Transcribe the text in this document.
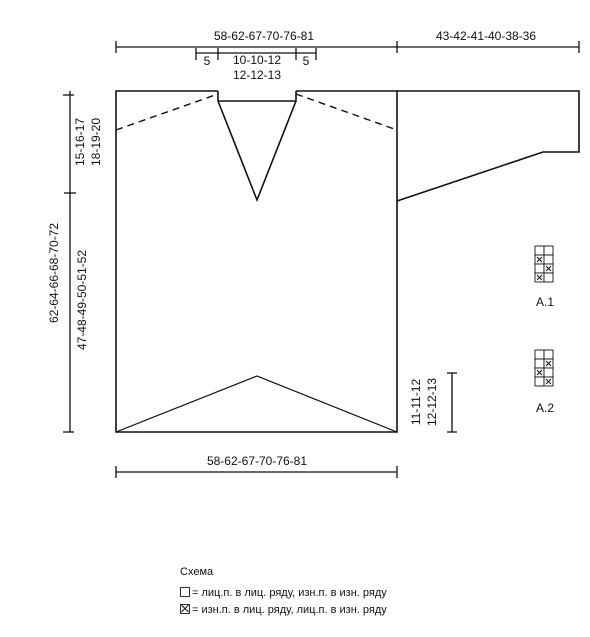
58-62-67-70-76-81	43-42-41-40-38-36
5	5
10-10-12
12-12-13
15-16-17 18-19-20
62-64-66-68-70-72 47-48-49-50-51-52
11-11-12 12-12-13
58-62-67-70-76-81
A.1
A.2
Схема
= лиц.п. в лиц. ряду, изн.п. в изн. ряду
= изн.п. в лиц. ряду, лиц.п. в изн. ряду
